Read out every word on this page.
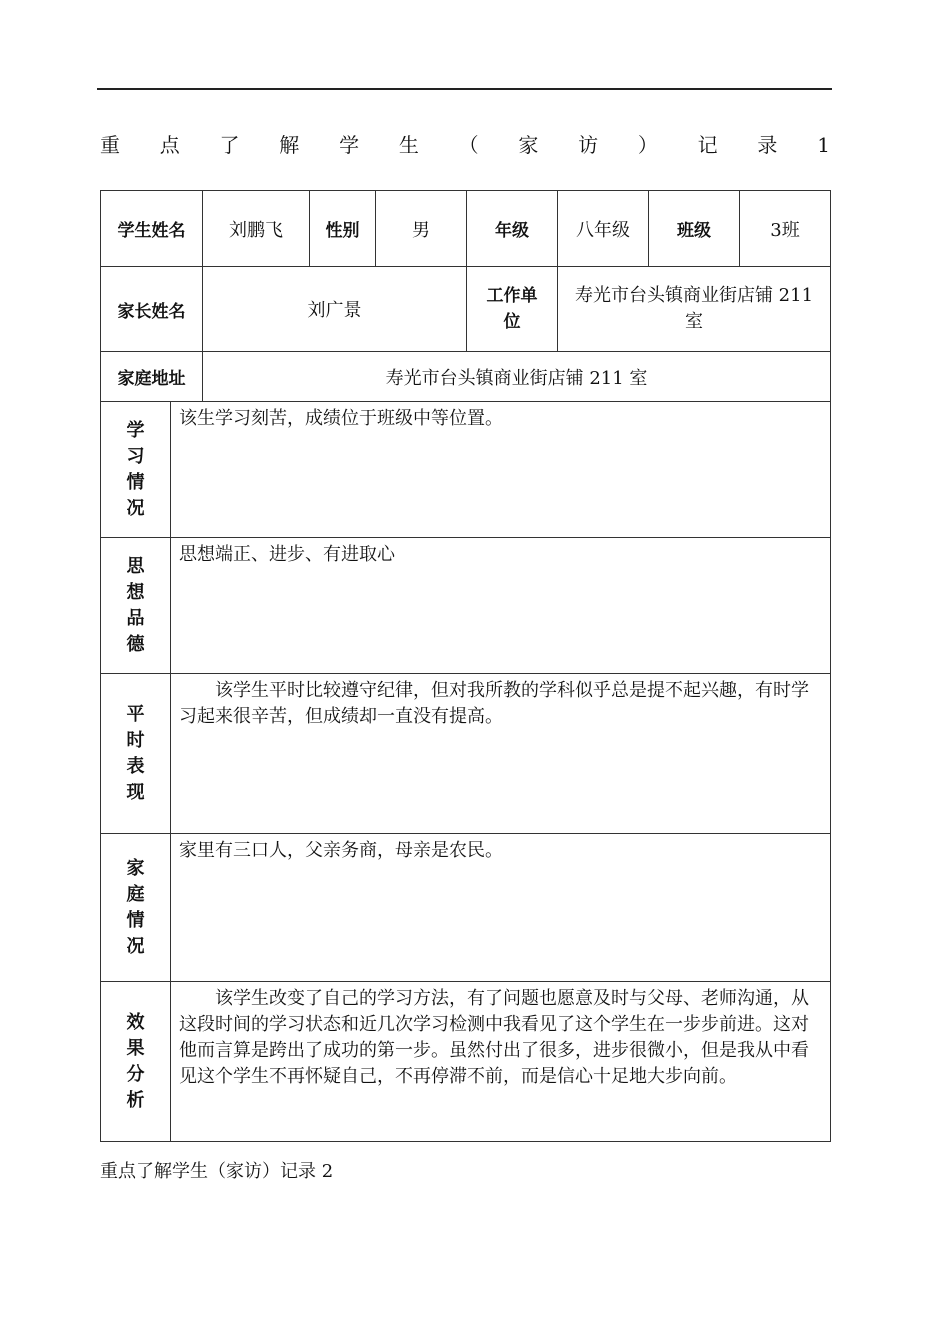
重 点 了 解 学 生 （ 家 访 ） 记 录 1
学生姓名		刘鹏飞	性别	男	年级	八年级	班级	3班
家长姓名		刘广景			工作单位	寿光市台头镇商业街店铺 211 室		
家庭地址		寿光市台头镇商业街店铺 211 室						

学习情况	该生学习刻苦，成绩位于班级中等位置。							

思想品德	思想端正、进步、有进取心							

平时表现	该学生平时比较遵守纪律，但对我所教的学科似乎总是提不起兴趣，有时学习起来很辛苦，但成绩却一直没有提高。							

家庭情况	家里有三口人，父亲务商，母亲是农民。							

效果分析	该学生改变了自己的学习方法，有了问题也愿意及时与父母、老师沟通，从这段时间的学习状态和近几次学习检测中我看见了这个学生在一步步前进。这对他而言算是跨出了成功的第一步。虽然付出了很多，进步很微小，但是我从中看见这个学生不再怀疑自己，不再停滞不前，而是信心十足地大步向前。							
重点了解学生（家访）记录 2
